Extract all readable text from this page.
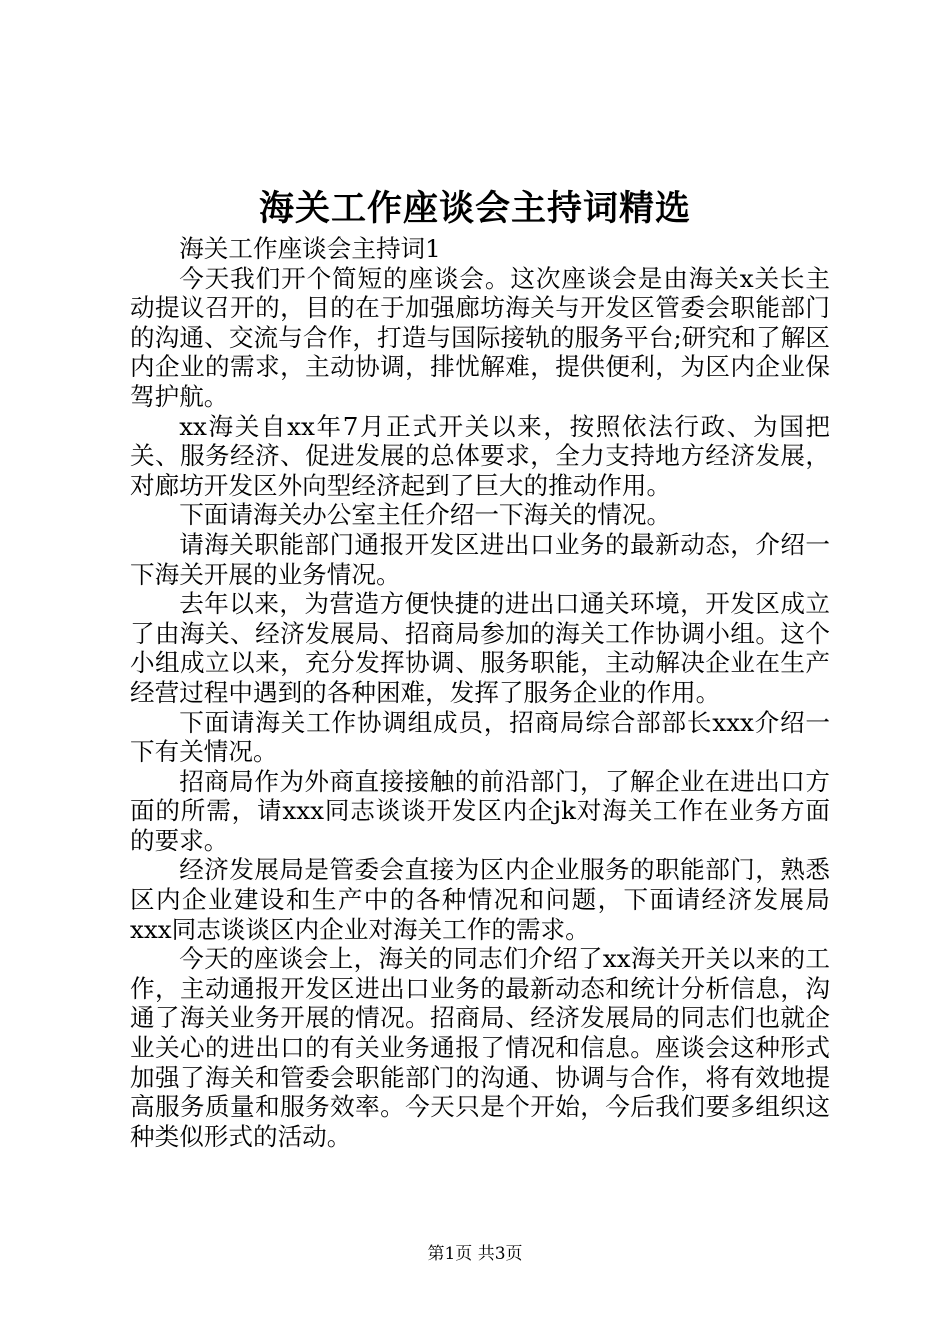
海关工作座谈会主持词精选

海关工作座谈会主持词1

今天我们开个简短的座谈会。这次座谈会是由海关x关长主动提议召开的，目的在于加强廊坊海关与开发区管委会职能部门的沟通、交流与合作，打造与国际接轨的服务平台;研究和了解区内企业的需求，主动协调，排忧解难，提供便利，为区内企业保驾护航。

xx海关自xx年7月正式开关以来，按照依法行政、为国把关、服务经济、促进发展的总体要求，全力支持地方经济发展，对廊坊开发区外向型经济起到了巨大的推动作用。

下面请海关办公室主任介绍一下海关的情况。

请海关职能部门通报开发区进出口业务的最新动态，介绍一下海关开展的业务情况。

去年以来，为营造方便快捷的进出口通关环境，开发区成立了由海关、经济发展局、招商局参加的海关工作协调小组。这个小组成立以来，充分发挥协调、服务职能，主动解决企业在生产经营过程中遇到的各种困难，发挥了服务企业的作用。

下面请海关工作协调组成员，招商局综合部部长xxx介绍一下有关情况。

招商局作为外商直接接触的前沿部门，了解企业在进出口方面的所需，请xxx同志谈谈开发区内企jk对海关工作在业务方面的要求。

经济发展局是管委会直接为区内企业服务的职能部门，熟悉区内企业建设和生产中的各种情况和问题，下面请经济发展局xxx同志谈谈区内企业对海关工作的需求。

今天的座谈会上，海关的同志们介绍了xx海关开关以来的工作，主动通报开发区进出口业务的最新动态和统计分析信息，沟通了海关业务开展的情况。招商局、经济发展局的同志们也就企业关心的进出口的有关业务通报了情况和信息。座谈会这种形式加强了海关和管委会职能部门的沟通、协调与合作，将有效地提高服务质量和服务效率。今天只是个开始，今后我们要多组织这种类似形式的活动。

第1页 共3页
